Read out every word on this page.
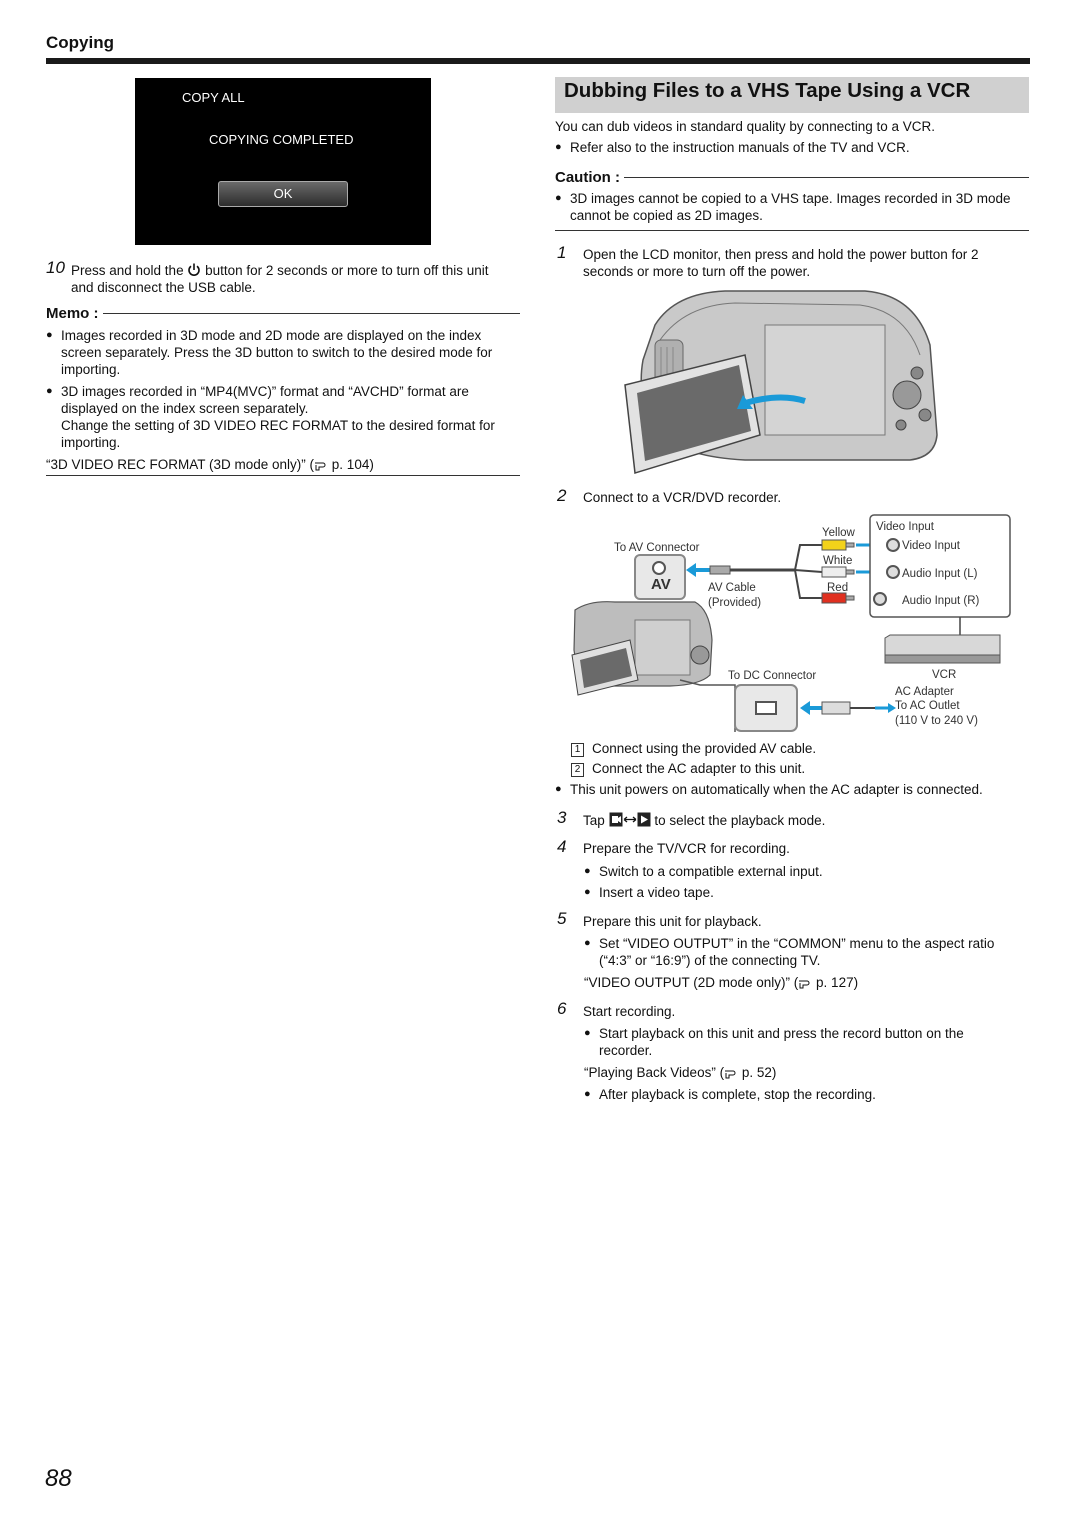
Copying
COPY ALL
COPYING COMPLETED
OK
10 Press and hold the button for 2 seconds or more to turn off this unit
and disconnect the USB cable.
Memo :
● Images recorded in 3D mode and 2D mode are displayed on the index
screen separately. Press the 3D button to switch to the desired mode for
importing.
● 3D images recorded in “MP4(MVC)” format and “AVCHD” format are
displayed on the index screen separately.
Change the setting of 3D VIDEO REC FORMAT to the desired format for
importing.
“3D VIDEO REC FORMAT (3D mode only)” ( p. 104)
Dubbing Files to a VHS Tape Using a VCR
You can dub videos in standard quality by connecting to a VCR.
● Refer also to the instruction manuals of the TV and VCR.
Caution :
● 3D images cannot be copied to a VHS tape. Images recorded in 3D mode
cannot be copied as 2D images.
1 Open the LCD monitor, then press and hold the power button for 2
seconds or more to turn off the power.
2 Connect to a VCR/DVD recorder.
To AV Connector
AV	AV Cable
(Provided)
Yellow
White
Red
Video Input
Video Input
Audio Input (L)
Audio Input (R)
VCR
To DC Connector
AC Adapter
To AC Outlet
(110 V to 240 V)
1 Connect using the provided AV cable.
2 Connect the AC adapter to this unit.
● This unit powers on automatically when the AC adapter is connected.
3 Tap	to select the playback mode.
4 Prepare the TV/VCR for recording.
● Switch to a compatible external input.
● Insert a video tape.
5 Prepare this unit for playback.
● Set “VIDEO OUTPUT” in the “COMMON” menu to the aspect ratio
(“4:3” or “16:9”) of the connecting TV.
“VIDEO OUTPUT (2D mode only)” ( p. 127)
6 Start recording.
● Start playback on this unit and press the record button on the
recorder.
“Playing Back Videos” ( p. 52)
● After playback is complete, stop the recording.
88
